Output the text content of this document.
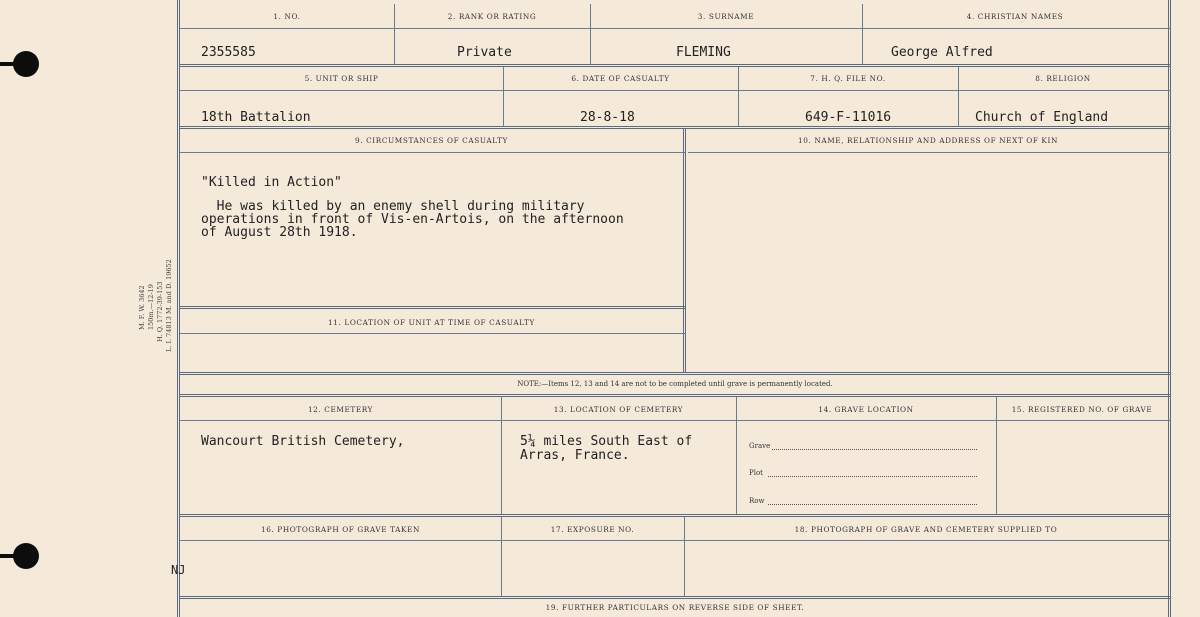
M. F. W. 3642 150m.—12-19 H. Q. 1772-39-153 L. I. 74813 M. and D. 19652
1. NO.	2. RANK OR RATING	3. SURNAME	4. CHRISTIAN NAMES
2355585	Private	FLEMING	George Alfred
5. UNIT OR SHIP	6. DATE OF CASUALTY	7. H. Q. FILE NO.	8. RELIGION
18th Battalion	28-8-18	649-F-11016	Church of England
9. CIRCUMSTANCES OF CASUALTY	10. NAME, RELATIONSHIP AND ADDRESS OF NEXT OF KIN
"Killed in Action"
He was killed by an enemy shell during military
operations in front of Vis-en-Artois, on the afternoon
of August 28th 1918.
11. LOCATION OF UNIT AT TIME OF CASUALTY
NOTE:—Items 12, 13 and 14 are not to be completed until grave is permanently located.
12. CEMETERY	13. LOCATION OF CEMETERY	14. GRAVE LOCATION	15. REGISTERED NO. OF GRAVE
Wancourt British Cemetery,	5¼ miles South East of
Arras, France.
Grave
Plot
Row
16. PHOTOGRAPH OF GRAVE TAKEN	17. EXPOSURE NO.	18. PHOTOGRAPH OF GRAVE AND CEMETERY SUPPLIED TO
NJ
19. FURTHER PARTICULARS ON REVERSE SIDE OF SHEET.
